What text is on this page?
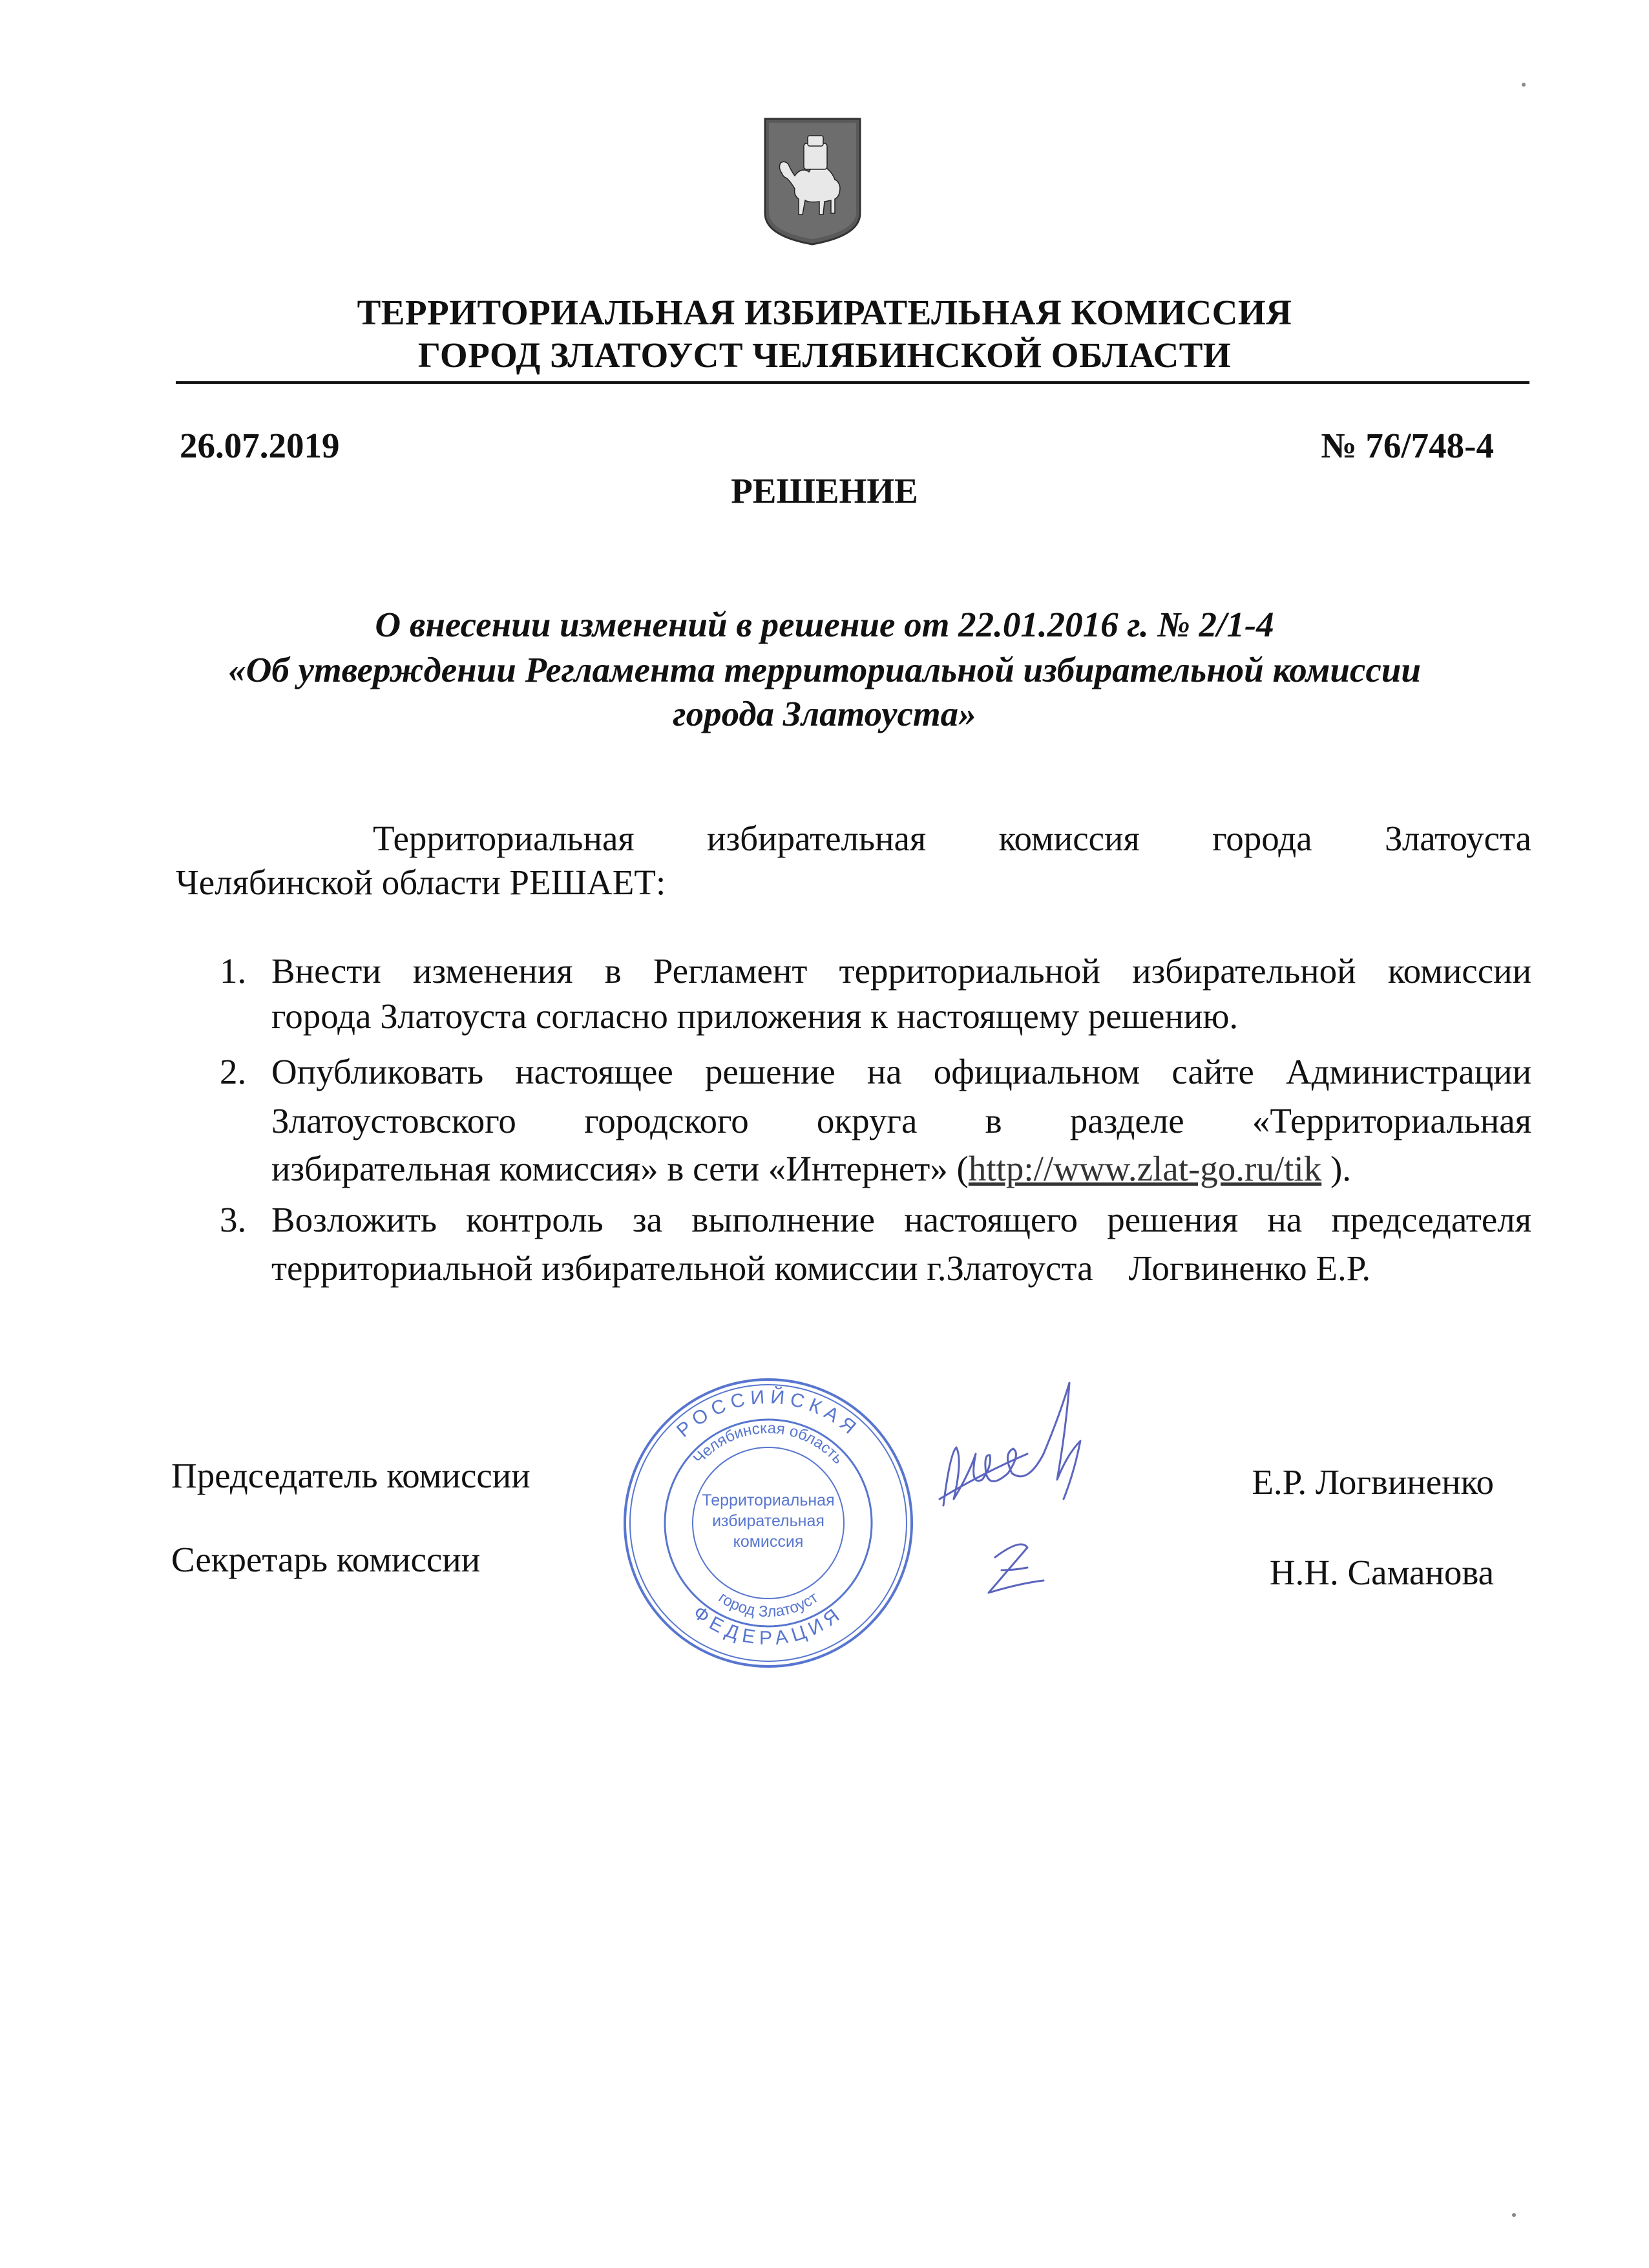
ТЕРРИТОРИАЛЬНАЯ ИЗБИРАТЕЛЬНАЯ КОМИССИЯ
ГОРОД ЗЛАТОУСТ ЧЕЛЯБИНСКОЙ ОБЛАСТИ
26.07.2019	№ 76/748-4
РЕШЕНИЕ
О внесении изменений в решение от 22.01.2016 г. № 2/1-4
«Об утверждении Регламента территориальной избирательной комиссии
города Златоуста»
Территориальная избирательная комиссия города Златоуста
Челябинской области РЕШАЕТ:
1. Внести изменения в Регламент территориальной избирательной комиссии
города Златоуста согласно приложения к настоящему решению.
2. Опубликовать настоящее решение на официальном сайте Администрации
Златоустовского городского округа в разделе «Территориальная
избирательная комиссия» в сети «Интернет» (http://www.zlat-go.ru/tik ).
3. Возложить контроль за выполнение настоящего решения на председателя
территориальной избирательной комиссии г.Златоуста    Логвиненко Е.Р.
Председатель комиссии	Е.Р. Логвиненко
Секретарь комиссии	Н.Н. Саманова
РОССИЙСКАЯ
ФЕДЕРАЦИЯ
Челябинская область
город Златоуст
Территориальная
избирательная
комиссия
